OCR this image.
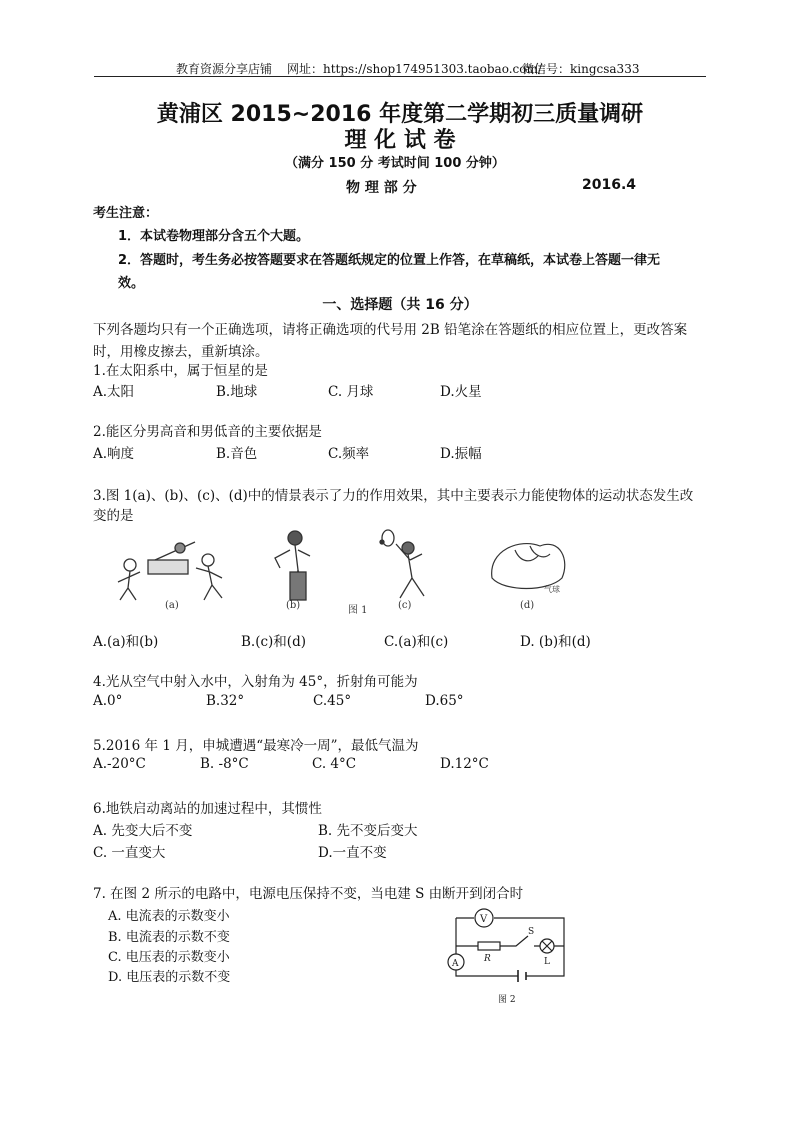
教育资源分享店铺 网址：https://shop174951303.taobao.com/
微信号：kingcsa333
黄浦区 2015~2016 年度第二学期初三质量调研
理 化 试 卷
（满分 150 分 考试时间 100 分钟）
物 理 部 分	2016.4
考生注意：
1．本试卷物理部分含五个大题。
2．答题时，考生务必按答题要求在答题纸规定的位置上作答，在草稿纸，本试卷上答题一律无
效。
一、选择题（共 16 分）
下列各题均只有一个正确选项，请将正确选项的代号用 2B 铅笔涂在答题纸的相应位置上，更改答案
时，用橡皮擦去，重新填涂。
1.在太阳系中，属于恒星的是
A.太阳	B.地球	C. 月球	D.火星
2.能区分男高音和男低音的主要依据是
A.响度	B.音色	C.频率	D.振幅
3.图 1(a)、(b)、(c)、(d)中的情景表示了力的作用效果，其中主要表示力能使物体的运动状态发生改
变的是
(a)	(b)	图 1	(c)	(d)
气球
A.(a)和(b)	B.(c)和(d)	C.(a)和(c)	D. (b)和(d)
4.光从空气中射入水中，入射角为 45°，折射角可能为
A.0°	B.32°	C.45°	D.65°
5.2016 年 1 月，申城遭遇“最寒冷一周”，最低气温为
A.-20°C	B. -8°C	C. 4°C	D.12°C
6.地铁启动离站的加速过程中，其惯性
A. 先变大后不变	B. 先不变后变大
C. 一直变大	D.一直不变
7. 在图 2 所示的电路中，电源电压保持不变，当电建 S 由断开到闭合时
A. 电流表的示数变小
B. 电流表的示数不变
C. 电压表的示数变小
D. 电压表的示数不变
V
A
S
R	L
图 2
